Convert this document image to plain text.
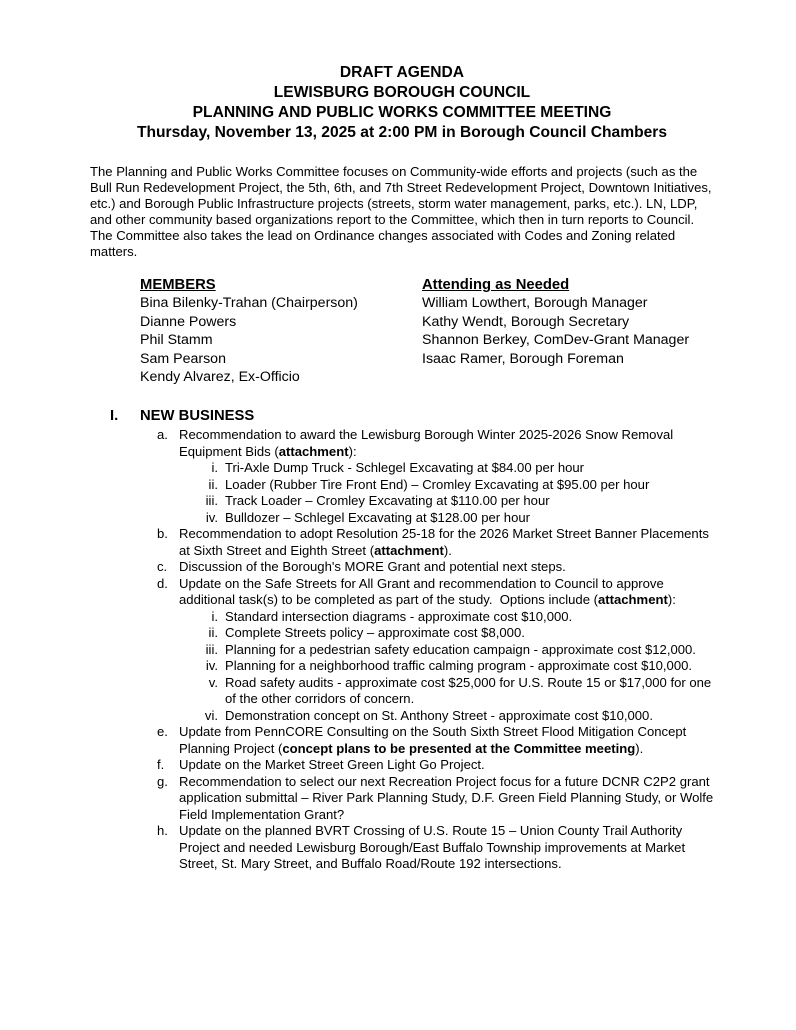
DRAFT AGENDA
LEWISBURG BOROUGH COUNCIL
PLANNING AND PUBLIC WORKS COMMITTEE MEETING
Thursday, November 13, 2025 at 2:00 PM in Borough Council Chambers

The Planning and Public Works Committee focuses on Community-wide efforts and projects (such as the Bull Run Redevelopment Project, the 5th, 6th, and 7th Street Redevelopment Project, Downtown Initiatives, etc.) and Borough Public Infrastructure projects (streets, storm water management, parks, etc.). LN, LDP, and other community based organizations report to the Committee, which then in turn reports to Council.  The Committee also takes the lead on Ordinance changes associated with Codes and Zoning related matters.

MEMBERS
Bina Bilenky-Trahan (Chairperson)
Dianne Powers
Phil Stamm
Sam Pearson
Kendy Alvarez, Ex-Officio
Attending as Needed
William Lowthert, Borough Manager
Kathy Wendt, Borough Secretary
Shannon Berkey, ComDev-Grant Manager
Isaac Ramer, Borough Foreman
I.	NEW BUSINESS
a. Recommendation to award the Lewisburg Borough Winter 2025-2026 Snow Removal Equipment Bids (attachment):
i. Tri-Axle Dump Truck - Schlegel Excavating at $84.00 per hour
ii. Loader (Rubber Tire Front End) – Cromley Excavating at $95.00 per hour
iii. Track Loader – Cromley Excavating at $110.00 per hour
iv. Bulldozer – Schlegel Excavating at $128.00 per hour
b. Recommendation to adopt Resolution 25-18 for the 2026 Market Street Banner Placements at Sixth Street and Eighth Street (attachment).
c. Discussion of the Borough's MORE Grant and potential next steps.
d. Update on the Safe Streets for All Grant and recommendation to Council to approve additional task(s) to be completed as part of the study.  Options include (attachment):
i. Standard intersection diagrams - approximate cost $10,000.
ii. Complete Streets policy – approximate cost $8,000.
iii. Planning for a pedestrian safety education campaign - approximate cost $12,000.
iv. Planning for a neighborhood traffic calming program - approximate cost $10,000.
v. Road safety audits - approximate cost $25,000 for U.S. Route 15 or $17,000 for one of the other corridors of concern.
vi. Demonstration concept on St. Anthony Street - approximate cost $10,000.
e. Update from PennCORE Consulting on the South Sixth Street Flood Mitigation Concept Planning Project (concept plans to be presented at the Committee meeting).
f.	Update on the Market Street Green Light Go Project.
g. Recommendation to select our next Recreation Project focus for a future DCNR C2P2 grant application submittal – River Park Planning Study, D.F. Green Field Planning Study, or Wolfe Field Implementation Grant?
h. Update on the planned BVRT Crossing of U.S. Route 15 – Union County Trail Authority Project and needed Lewisburg Borough/East Buffalo Township improvements at Market Street, St. Mary Street, and Buffalo Road/Route 192 intersections.
